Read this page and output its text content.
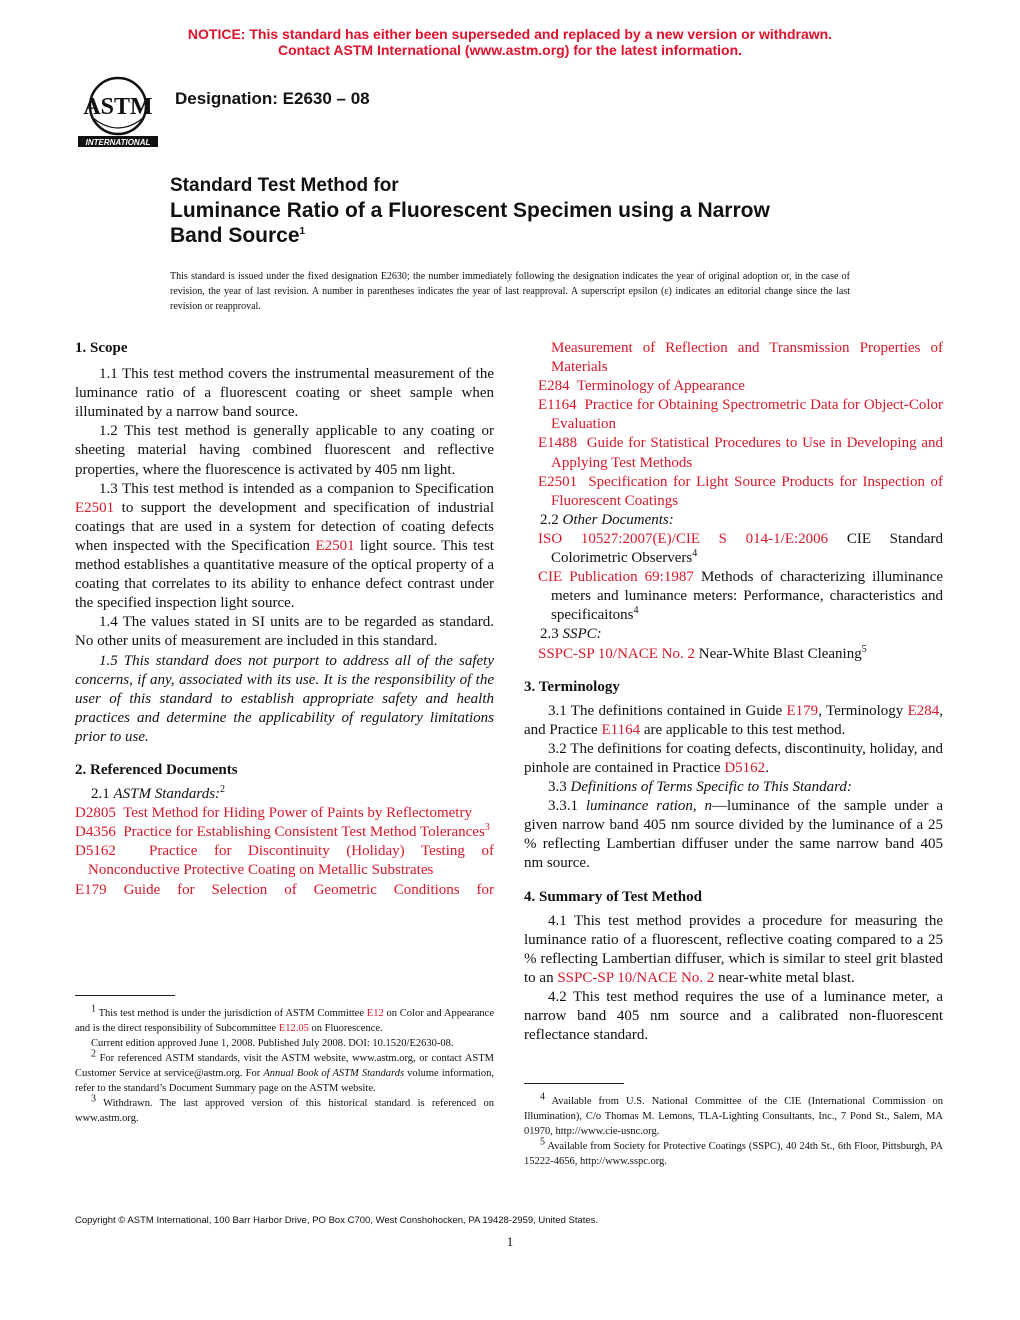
NOTICE: This standard has either been superseded and replaced by a new version or withdrawn.
Contact ASTM International (www.astm.org) for the latest information.
ASTM
INTERNATIONAL
Designation: E2630 – 08
Standard Test Method for
Luminance Ratio of a Fluorescent Specimen using a Narrow
Band Source$^1$
This standard is issued under the fixed designation E2630; the number immediately following the designation indicates the year of original adoption or, in the case of revision, the year of last revision. A number in parentheses indicates the year of last reapproval. A superscript epsilon (ε) indicates an editorial change since the last revision or reapproval.

1. Scope

1.1 This test method covers the instrumental measurement of the luminance ratio of a fluorescent coating or sheet sample when illuminated by a narrow band source.

1.2 This test method is generally applicable to any coating or sheeting material having combined fluorescent and reflective properties, where the fluorescence is activated by 405 nm light.

1.3 This test method is intended as a companion to Specification E2501 to support the development and specification of industrial coatings that are used in a system for detection of coating defects when inspected with the Specification E2501 light source. This test method establishes a quantitative measure of the optical property of a coating that correlates to its ability to enhance defect contrast under the specified inspection light source.

1.4 The values stated in SI units are to be regarded as standard. No other units of measurement are included in this standard.

1.5 This standard does not purport to address all of the safety concerns, if any, associated with its use. It is the responsibility of the user of this standard to establish appropriate safety and health practices and determine the applicability of regulatory limitations prior to use.

2. Referenced Documents

2.1 ASTM Standards:$^2$

D2805 Test Method for Hiding Power of Paints by Reflectometry

D4356 Practice for Establishing Consistent Test Method Tolerances$^3$

D5162 Practice for Discontinuity (Holiday) Testing of Nonconductive Protective Coating on Metallic Substrates

E179 Guide for Selection of Geometric Conditions for

Measurement of Reflection and Transmission Properties of Materials

E284 Terminology of Appearance

E1164 Practice for Obtaining Spectrometric Data for Object-Color Evaluation

E1488 Guide for Statistical Procedures to Use in Developing and Applying Test Methods

E2501 Specification for Light Source Products for Inspection of Fluorescent Coatings

2.2 Other Documents:

ISO 10527:2007(E)/CIE S 014-1/E:2006 CIE Standard Colorimetric Observers$^4$

CIE Publication 69:1987 Methods of characterizing illuminance meters and luminance meters: Performance, characteristics and specificaitons$^4$

2.3 SSPC:

SSPC-SP 10/NACE No. 2 Near-White Blast Cleaning$^5$

3. Terminology

3.1 The definitions contained in Guide E179, Terminology E284, and Practice E1164 are applicable to this test method.

3.2 The definitions for coating defects, discontinuity, holiday, and pinhole are contained in Practice D5162.

3.3 Definitions of Terms Specific to This Standard:

3.3.1 luminance ration, n—luminance of the sample under a given narrow band 405 nm source divided by the luminance of a 25 % reflecting Lambertian diffuser under the same narrow band 405 nm source.

4. Summary of Test Method

4.1 This test method provides a procedure for measuring the luminance ratio of a fluorescent, reflective coating compared to a 25 % reflecting Lambertian diffuser, which is similar to steel grit blasted to an SSPC-SP 10/NACE No. 2 near-white metal blast.

4.2 This test method requires the use of a luminance meter, a narrow band 405 nm source and a calibrated non-fluorescent reflectance standard.

$^1$ This test method is under the jurisdiction of ASTM Committee E12 on Color and Appearance and is the direct responsibility of Subcommittee E12.05 on Fluorescence.

Current edition approved June 1, 2008. Published July 2008. DOI: 10.1520/E2630-08.

$^2$ For referenced ASTM standards, visit the ASTM website, www.astm.org, or contact ASTM Customer Service at service@astm.org. For Annual Book of ASTM Standards volume information, refer to the standard’s Document Summary page on the ASTM website.

$^3$ Withdrawn. The last approved version of this historical standard is referenced on www.astm.org.

$^4$ Available from U.S. National Committee of the CIE (International Commission on Illumination), C/o Thomas M. Lemons, TLA-Lighting Consultants, Inc., 7 Pond St., Salem, MA 01970, http://www.cie-usnc.org.

$^5$ Available from Society for Protective Coatings (SSPC), 40 24th St., 6th Floor, Pittsburgh, PA 15222-4656, http://www.sspc.org.

Copyright © ASTM International, 100 Barr Harbor Drive, PO Box C700, West Conshohocken, PA 19428-2959, United States.
1
